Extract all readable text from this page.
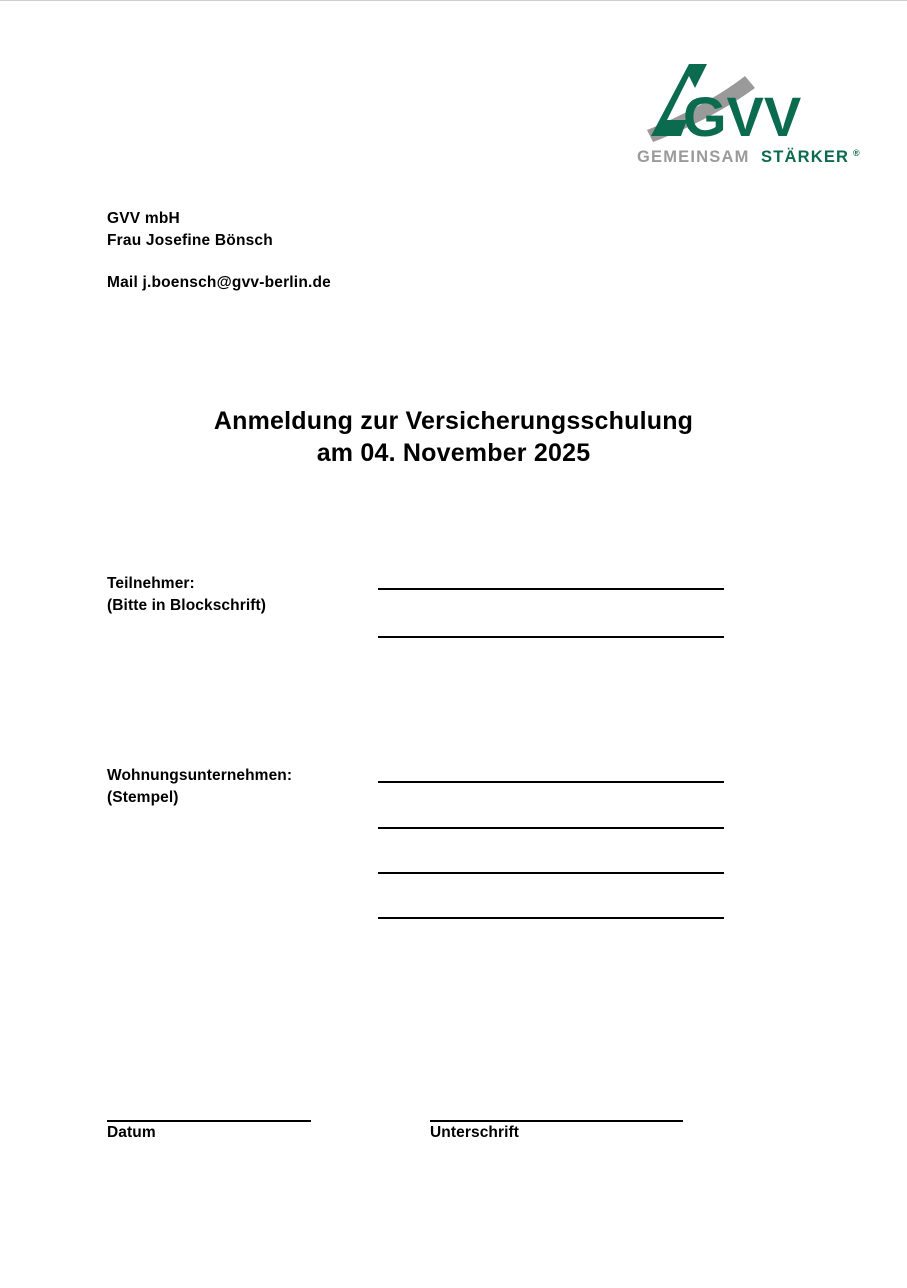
GVV
GEMEINSAM STÄRKER ®
GVV mbH
Frau Josefine Bönsch
Mail j.boensch@gvv-berlin.de
Anmeldung zur Versicherungsschulung
am 04. November 2025
Teilnehmer:
(Bitte in Blockschrift)
Wohnungsunternehmen:
(Stempel)
Datum	Unterschrift
